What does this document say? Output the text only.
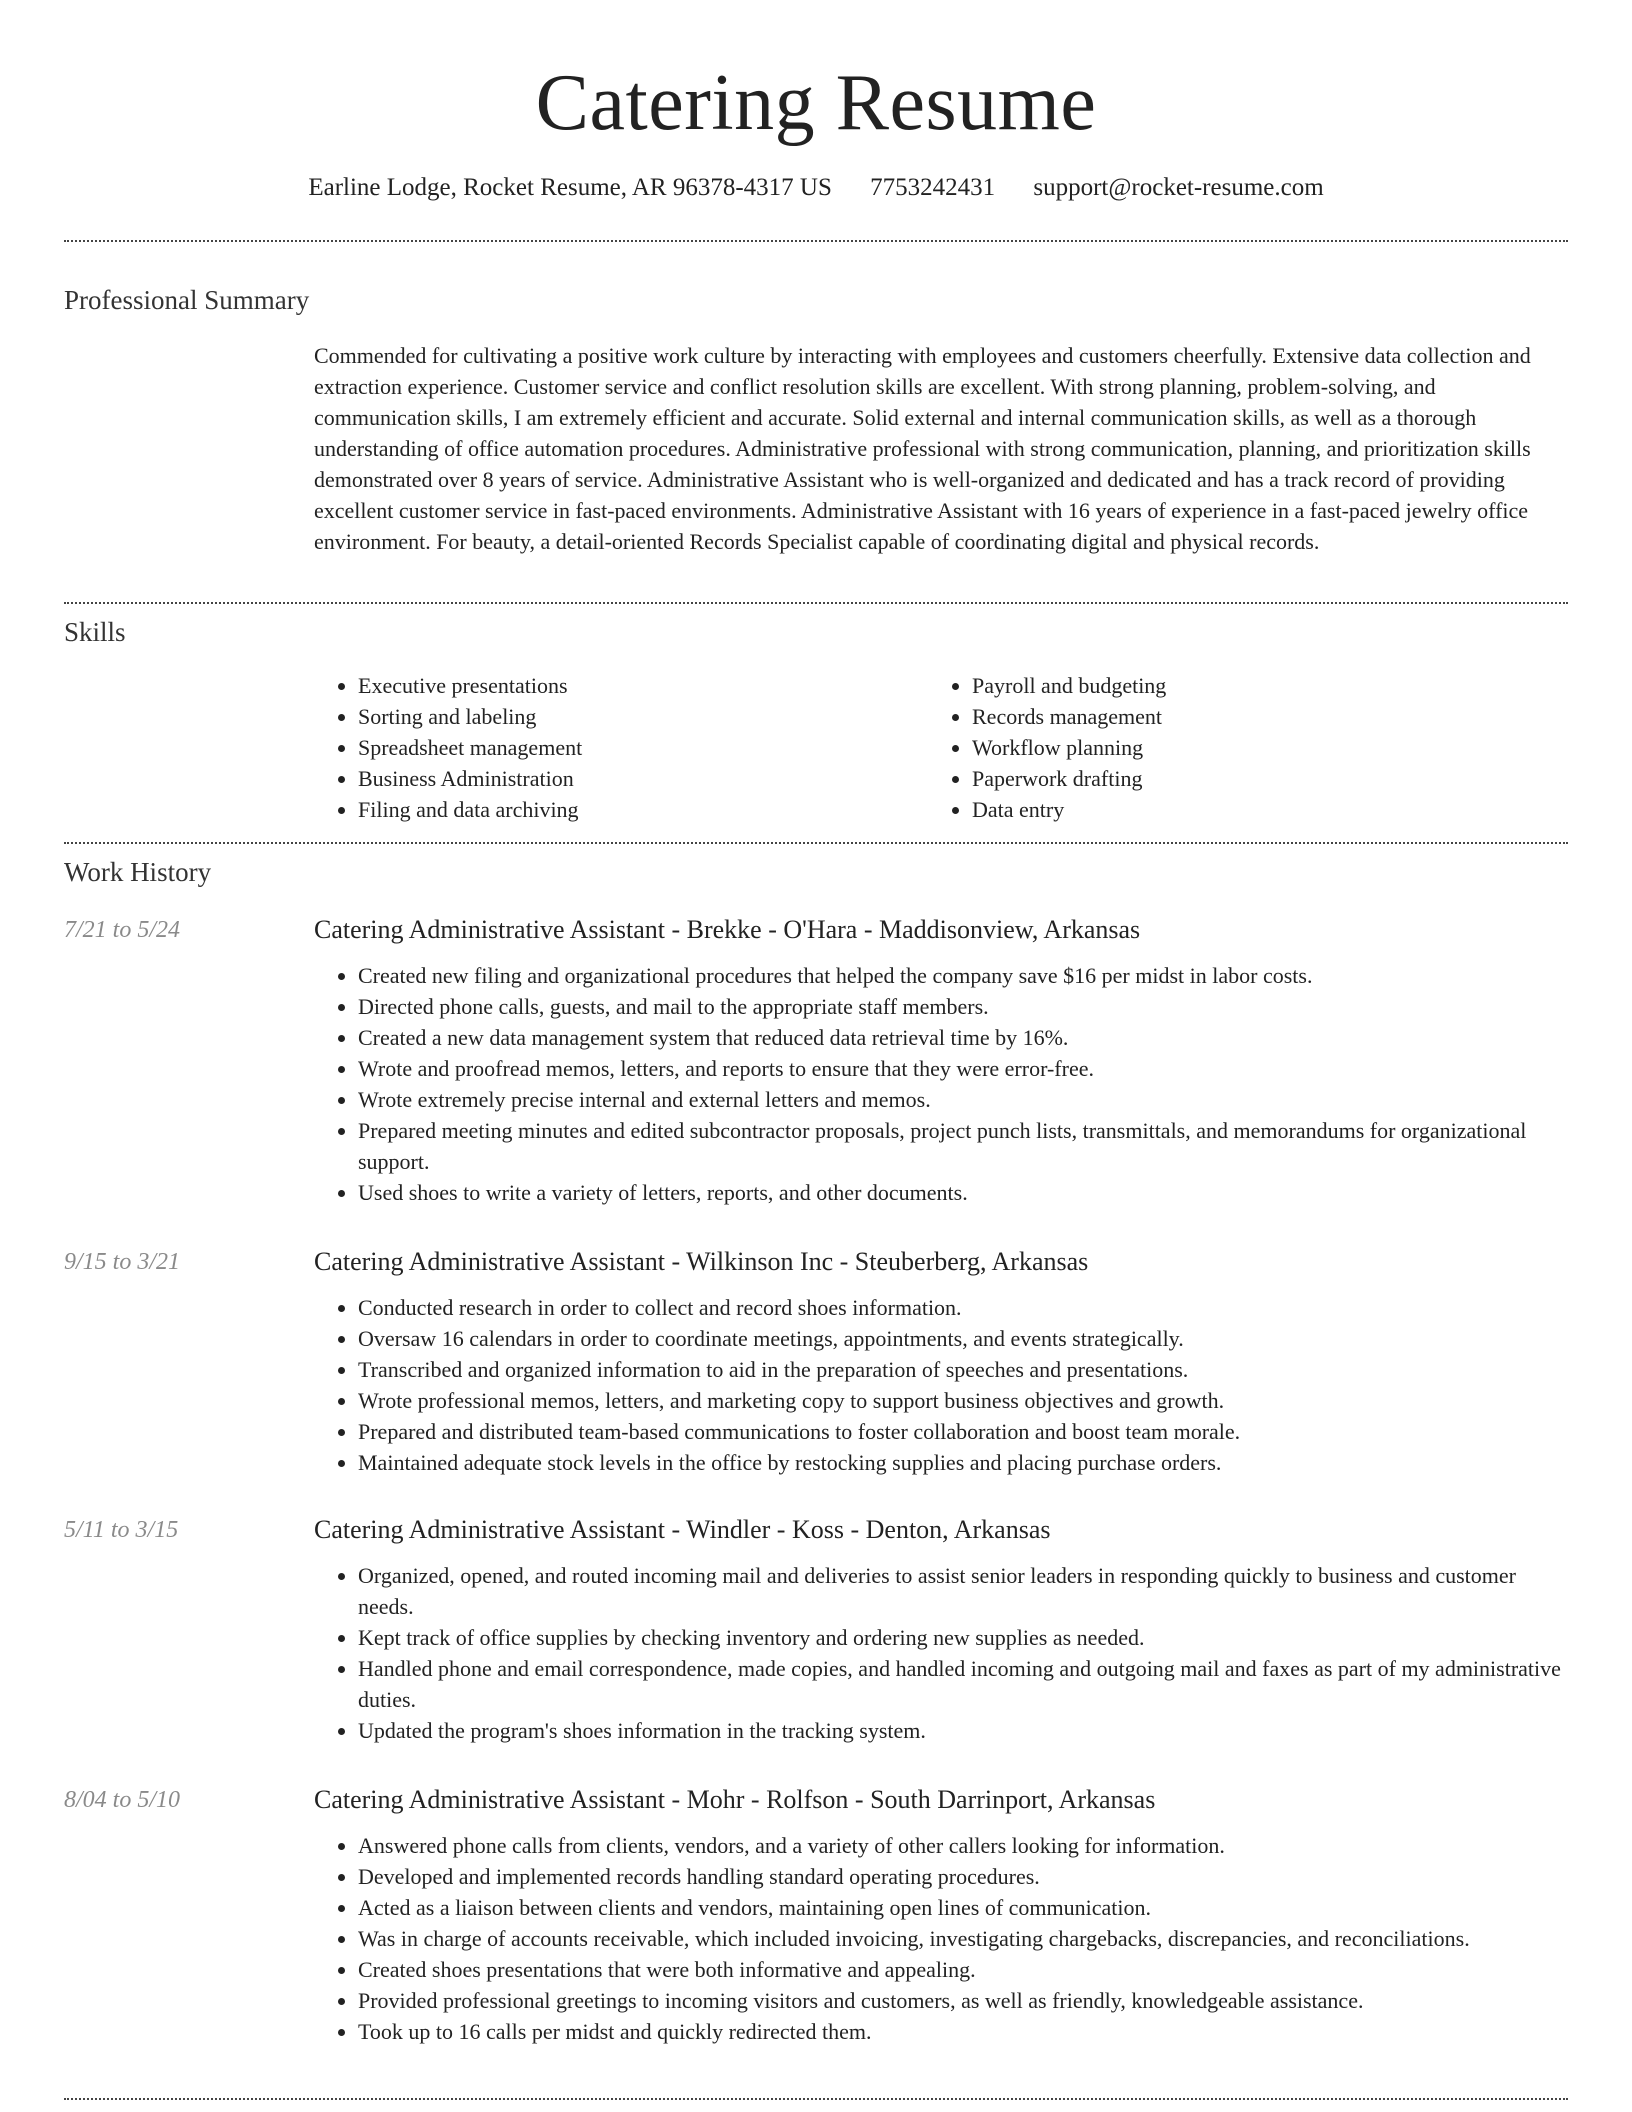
Catering Resume
Earline Lodge, Rocket Resume, AR 96378-4317 US 7753242431 support@rocket-resume.com
Professional Summary
Commended for cultivating a positive work culture by interacting with employees and customers cheerfully. Extensive data collection and extraction experience. Customer service and conflict resolution skills are excellent. With strong planning, problem-solving, and communication skills, I am extremely efficient and accurate. Solid external and internal communication skills, as well as a thorough understanding of office automation procedures. Administrative professional with strong communication, planning, and prioritization skills demonstrated over 8 years of service. Administrative Assistant who is well-organized and dedicated and has a track record of providing excellent customer service in fast-paced environments. Administrative Assistant with 16 years of experience in a fast-paced jewelry office environment. For beauty, a detail-oriented Records Specialist capable of coordinating digital and physical records.
Skills
• Executive presentations
• Sorting and labeling
• Spreadsheet management
• Business Administration
• Filing and data archiving
• Payroll and budgeting
• Records management
• Workflow planning
• Paperwork drafting
• Data entry
Work History
7/21 to 5/24	Catering Administrative Assistant - Brekke - O'Hara - Maddisonview, Arkansas
• Created new filing and organizational procedures that helped the company save $16 per midst in labor costs.
• Directed phone calls, guests, and mail to the appropriate staff members.
• Created a new data management system that reduced data retrieval time by 16%.
• Wrote and proofread memos, letters, and reports to ensure that they were error-free.
• Wrote extremely precise internal and external letters and memos.
• Prepared meeting minutes and edited subcontractor proposals, project punch lists, transmittals, and memorandums for organizational support.
• Used shoes to write a variety of letters, reports, and other documents.
9/15 to 3/21	Catering Administrative Assistant - Wilkinson Inc - Steuberberg, Arkansas
• Conducted research in order to collect and record shoes information.
• Oversaw 16 calendars in order to coordinate meetings, appointments, and events strategically.
• Transcribed and organized information to aid in the preparation of speeches and presentations.
• Wrote professional memos, letters, and marketing copy to support business objectives and growth.
• Prepared and distributed team-based communications to foster collaboration and boost team morale.
• Maintained adequate stock levels in the office by restocking supplies and placing purchase orders.
5/11 to 3/15	Catering Administrative Assistant - Windler - Koss - Denton, Arkansas
• Organized, opened, and routed incoming mail and deliveries to assist senior leaders in responding quickly to business and customer needs.
• Kept track of office supplies by checking inventory and ordering new supplies as needed.
• Handled phone and email correspondence, made copies, and handled incoming and outgoing mail and faxes as part of my administrative duties.
• Updated the program's shoes information in the tracking system.
8/04 to 5/10	Catering Administrative Assistant - Mohr - Rolfson - South Darrinport, Arkansas
• Answered phone calls from clients, vendors, and a variety of other callers looking for information.
• Developed and implemented records handling standard operating procedures.
• Acted as a liaison between clients and vendors, maintaining open lines of communication.
• Was in charge of accounts receivable, which included invoicing, investigating chargebacks, discrepancies, and reconciliations.
• Created shoes presentations that were both informative and appealing.
• Provided professional greetings to incoming visitors and customers, as well as friendly, knowledgeable assistance.
• Took up to 16 calls per midst and quickly redirected them.
